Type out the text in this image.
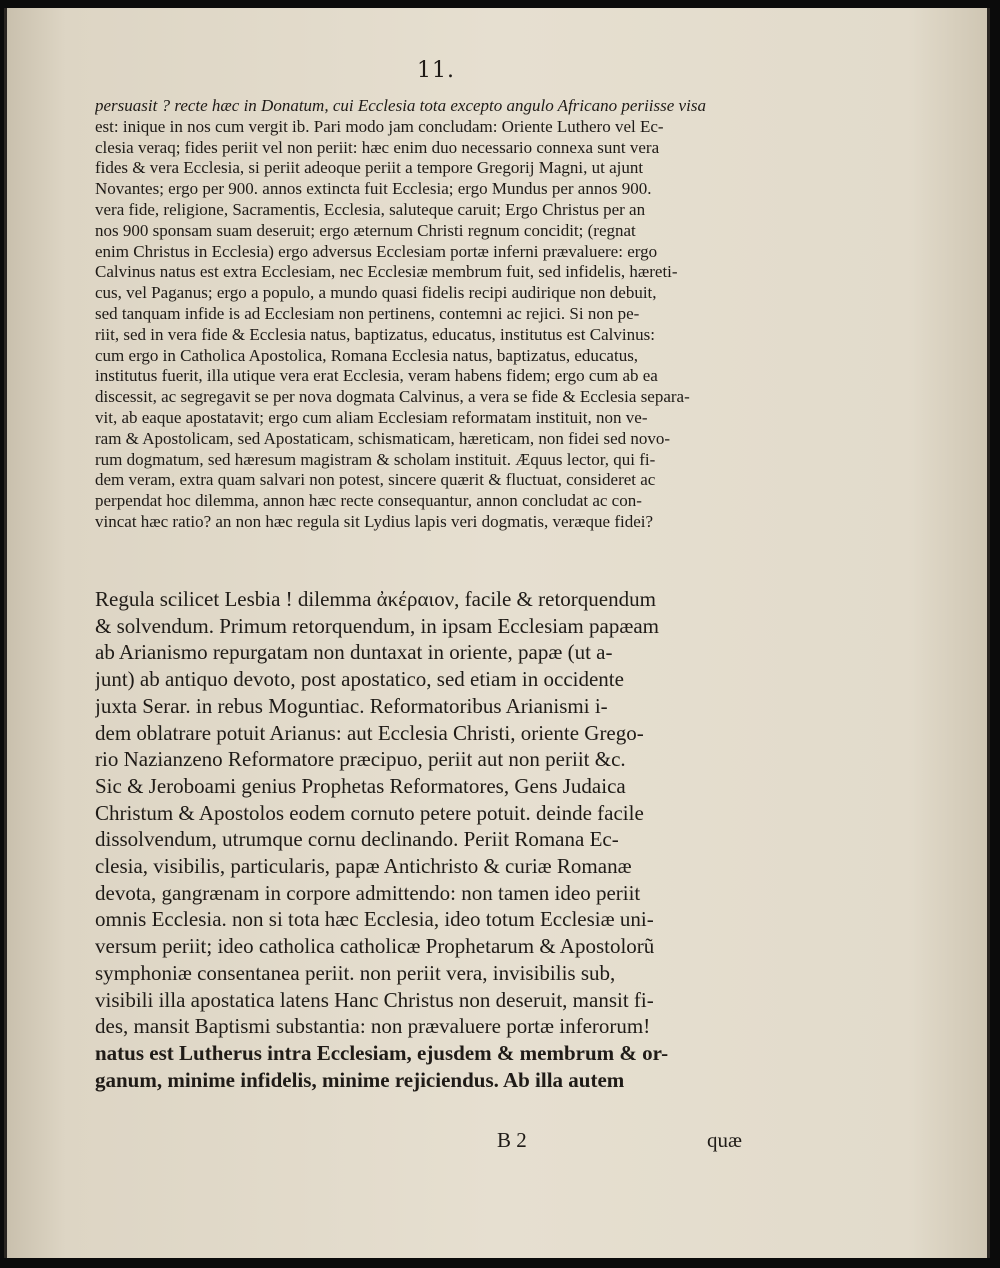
11.
persuasit ? recte hæc in Donatum, cui Ecclesia tota excepto angulo Africano periisse visa
est: inique in nos cum vergit ib. Pari modo jam concludam: Oriente Luthero vel Ec-
clesia veraq; fides periit vel non periit: hæc enim duo necessario connexa sunt vera
fides & vera Ecclesia, si periit adeoque periit a tempore Gregorij Magni, ut ajunt
Novantes; ergo per 900. annos extincta fuit Ecclesia; ergo Mundus per annos 900.
vera fide, religione, Sacramentis, Ecclesia, saluteque caruit; Ergo Christus per an
nos 900 sponsam suam deseruit; ergo æternum Christi regnum concidit; (regnat
enim Christus in Ecclesia) ergo adversus Ecclesiam portæ inferni prævaluere: ergo
Calvinus natus est extra Ecclesiam, nec Ecclesiæ membrum fuit, sed infidelis, hæreti-
cus, vel Paganus; ergo a populo, a mundo quasi fidelis recipi audirique non debuit,
sed tanquam infide is ad Ecclesiam non pertinens, contemni ac rejici. Si non pe-
riit, sed in vera fide & Ecclesia natus, baptizatus, educatus, institutus est Calvinus:
cum ergo in Catholica Apostolica, Romana Ecclesia natus, baptizatus, educatus,
institutus fuerit, illa utique vera erat Ecclesia, veram habens fidem; ergo cum ab ea
discessit, ac segregavit se per nova dogmata Calvinus, a vera se fide & Ecclesia separa-
vit, ab eaque apostatavit; ergo cum aliam Ecclesiam reformatam instituit, non ve-
ram & Apostolicam, sed Apostaticam, schismaticam, hæreticam, non fidei sed novo-
rum dogmatum, sed hæresum magistram & scholam instituit. Æquus lector, qui fi-
dem veram, extra quam salvari non potest, sincere quærit & fluctuat, consideret ac
perpendat hoc dilemma, annon hæc recte consequantur, annon concludat ac con-
vincat hæc ratio? an non hæc regula sit Lydius lapis veri dogmatis, veræque fidei?
Regula scilicet Lesbia ! dilemma ἀκέραιον, facile & retorquendum
& solvendum. Primum retorquendum, in ipsam Ecclesiam papæam
ab Arianismo repurgatam non duntaxat in oriente, papæ (ut a-
junt) ab antiquo devoto, post apostatico, sed etiam in occidente
juxta Serar. in rebus Moguntiac. Reformatoribus Arianismi i-
dem oblatrare potuit Arianus: aut Ecclesia Christi, oriente Grego-
rio Nazianzeno Reformatore præcipuo, periit aut non periit &c.
Sic & Jeroboami genius Prophetas Reformatores, Gens Judaica
Christum & Apostolos eodem cornuto petere potuit. deinde facile
dissolvendum, utrumque cornu declinando. Periit Romana Ec-
clesia, visibilis, particularis, papæ Antichristo & curiæ Romanæ
devota, gangrænam in corpore admittendo: non tamen ideo periit
omnis Ecclesia. non si tota hæc Ecclesia, ideo totum Ecclesiæ uni-
versum periit; ideo catholica catholicæ Prophetarum & Apostolorũ
symphoniæ consentanea periit. non periit vera, invisibilis sub,
visibili illa apostatica latens Hanc Christus non deseruit, mansit fi-
des, mansit Baptismi substantia: non prævaluere portæ inferorum!
natus est Lutherus intra Ecclesiam, ejusdem & membrum & or-
ganum, minime infidelis, minime rejiciendus. Ab illa autem
B 2	quæ
